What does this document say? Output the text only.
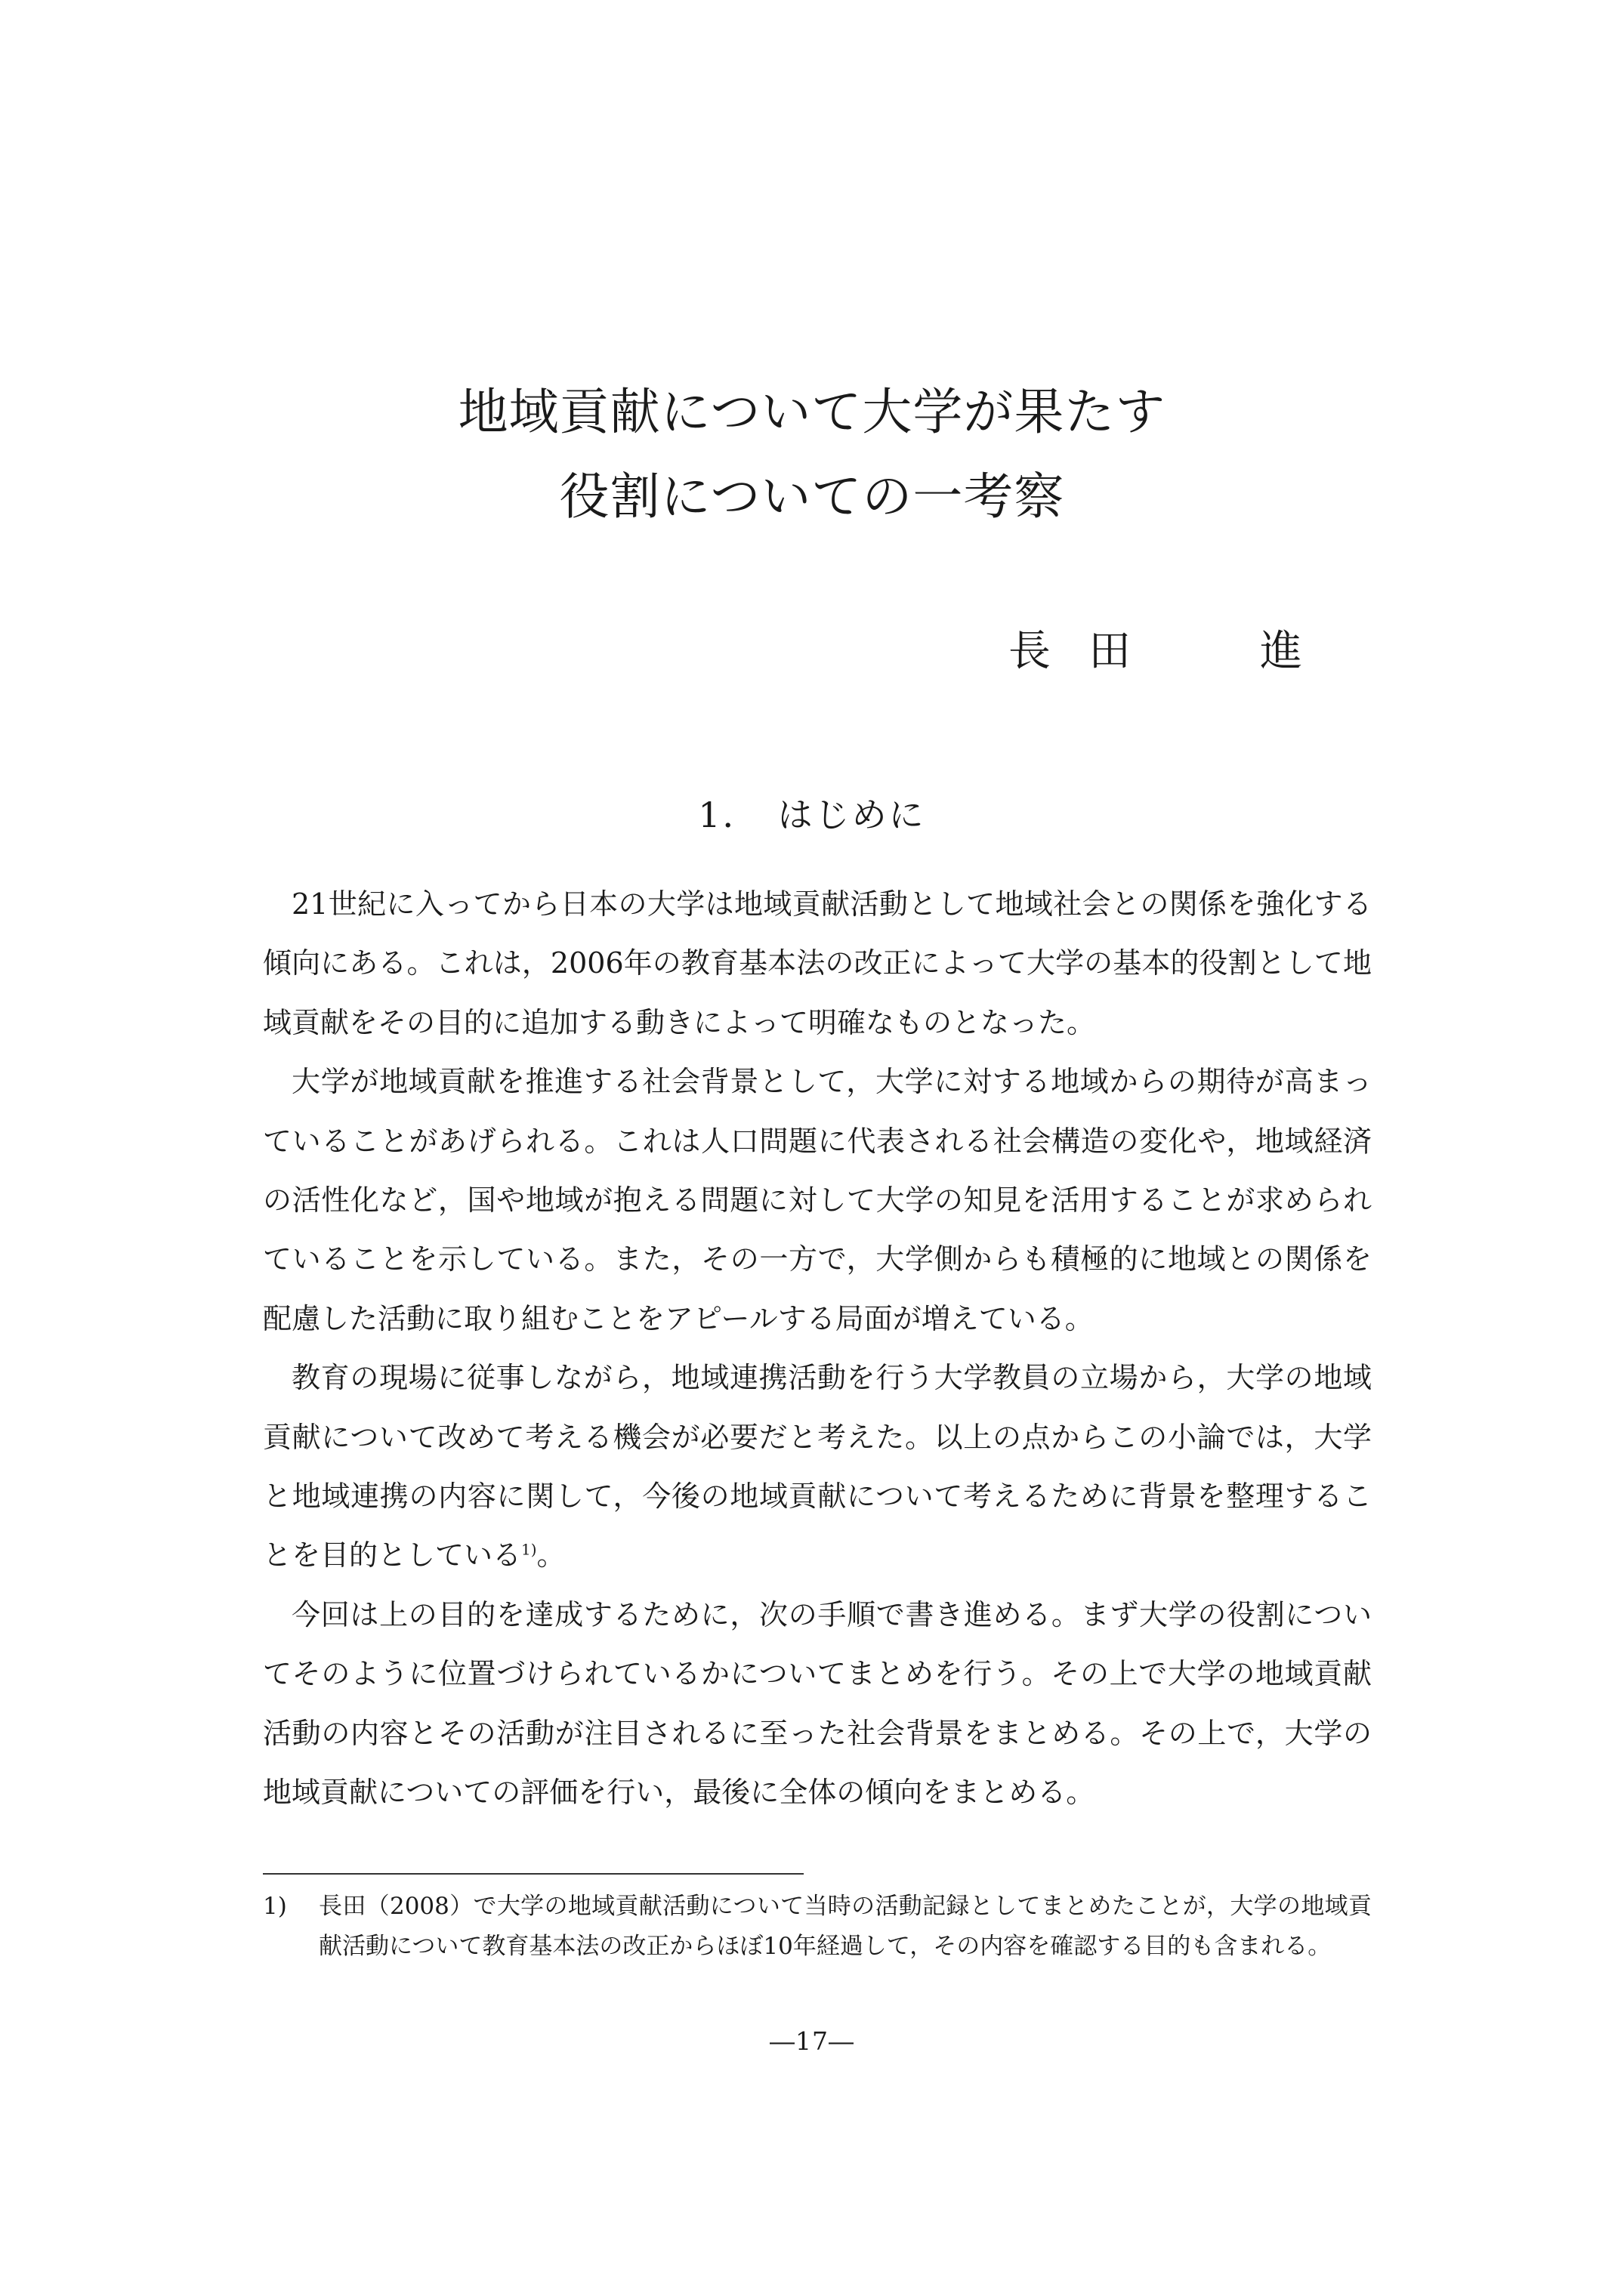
地域貢献について大学が果たす
役割についての一考察
長 田	進
1． はじめに

21世紀に入ってから日本の大学は地域貢献活動として地域社会との関係を強化する傾向にある。これは，2006年の教育基本法の改正によって大学の基本的役割として地域貢献をその目的に追加する動きによって明確なものとなった。

大学が地域貢献を推進する社会背景として，大学に対する地域からの期待が高まっていることがあげられる。これは人口問題に代表される社会構造の変化や，地域経済の活性化など，国や地域が抱える問題に対して大学の知見を活用することが求められていることを示している。また，その一方で，大学側からも積極的に地域との関係を配慮した活動に取り組むことをアピールする局面が増えている。

教育の現場に従事しながら，地域連携活動を行う大学教員の立場から，大学の地域貢献について改めて考える機会が必要だと考えた。以上の点からこの小論では，大学と地域連携の内容に関して，今後の地域貢献について考えるために背景を整理することを目的としている$^{1)}$。

今回は上の目的を達成するために，次の手順で書き進める。まず大学の役割についてそのように位置づけられているかについてまとめを行う。その上で大学の地域貢献活動の内容とその活動が注目されるに至った社会背景をまとめる。その上で，大学の地域貢献についての評価を行い，最後に全体の傾向をまとめる。

1) 長田（2008）で大学の地域貢献活動について当時の活動記録としてまとめたことが，大学の地域貢献活動について教育基本法の改正からほぼ10年経過して，その内容を確認する目的も含まれる。
―17―
